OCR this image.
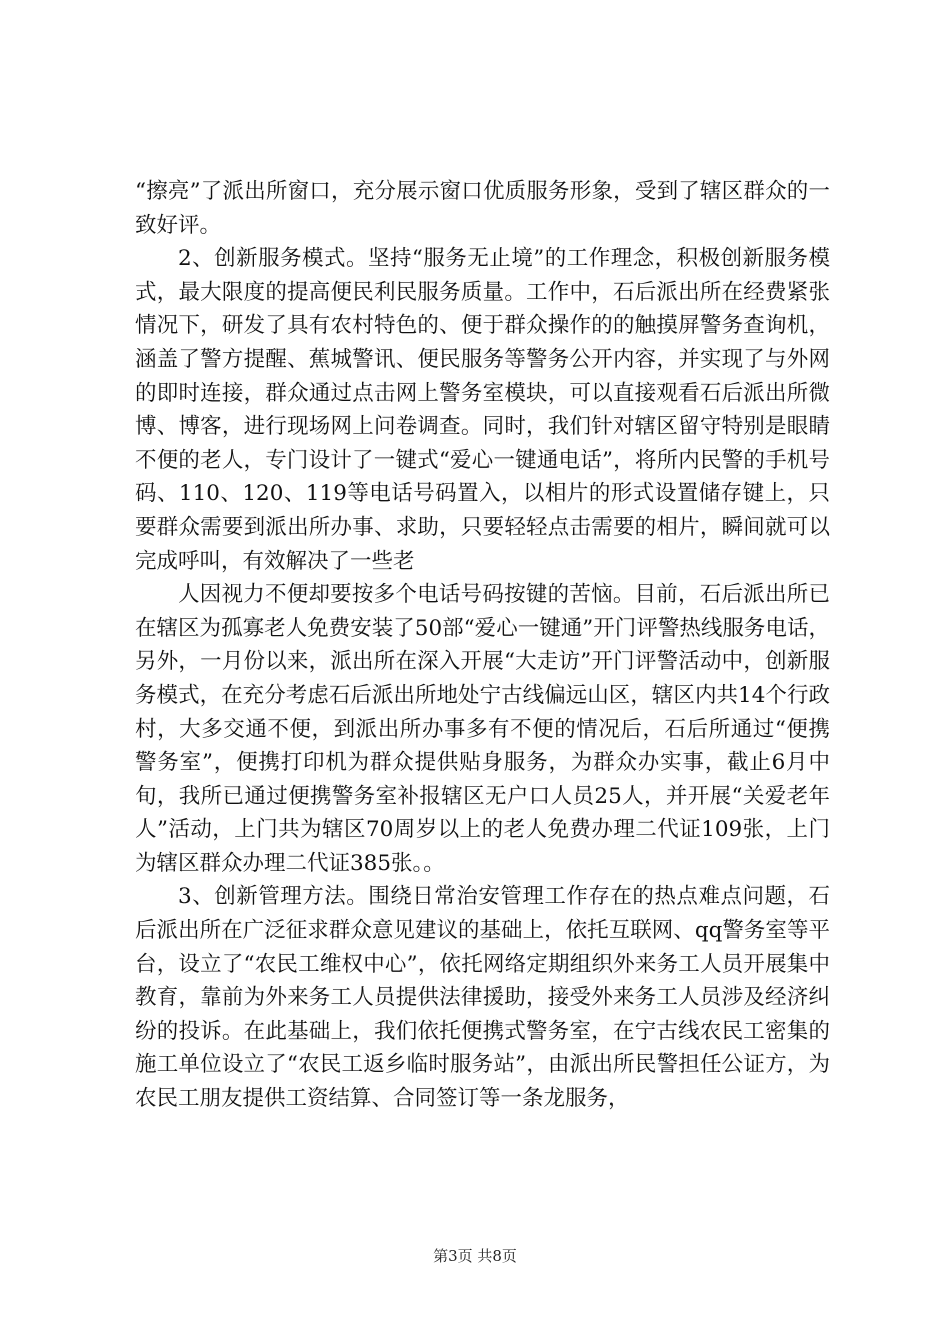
“擦亮”了派出所窗口，充分展示窗口优质服务形象，受到了辖区群众的一致好评。

2、创新服务模式。坚持“服务无止境”的工作理念，积极创新服务模式，最大限度的提高便民利民服务质量。工作中，石后派出所在经费紧张情况下，研发了具有农村特色的、便于群众操作的的触摸屏警务查询机，涵盖了警方提醒、蕉城警讯、便民服务等警务公开内容，并实现了与外网的即时连接，群众通过点击网上警务室模块，可以直接观看石后派出所微博、博客，进行现场网上问卷调查。同时，我们针对辖区留守特别是眼睛不便的老人，专门设计了一键式“爱心一键通电话”，将所内民警的手机号码、110、120、119等电话号码置入，以相片的形式设置储存键上，只要群众需要到派出所办事、求助，只要轻轻点击需要的相片，瞬间就可以完成呼叫，有效解决了一些老

人因视力不便却要按多个电话号码按键的苦恼。目前，石后派出所已在辖区为孤寡老人免费安装了50部“爱心一键通”开门评警热线服务电话，另外，一月份以来，派出所在深入开展“大走访”开门评警活动中，创新服务模式，在充分考虑石后派出所地处宁古线偏远山区，辖区内共14个行政村，大多交通不便，到派出所办事多有不便的情况后，石后所通过“便携警务室”，便携打印机为群众提供贴身服务，为群众办实事，截止6月中旬，我所已通过便携警务室补报辖区无户口人员25人，并开展“关爱老年人”活动，上门共为辖区70周岁以上的老人免费办理二代证109张，上门为辖区群众办理二代证385张。。

3、创新管理方法。围绕日常治安管理工作存在的热点难点问题，石后派出所在广泛征求群众意见建议的基础上，依托互联网、qq警务室等平台，设立了“农民工维权中心”，依托网络定期组织外来务工人员开展集中教育，靠前为外来务工人员提供法律援助，接受外来务工人员涉及经济纠纷的投诉。在此基础上，我们依托便携式警务室，在宁古线农民工密集的施工单位设立了“农民工返乡临时服务站”，由派出所民警担任公证方，为农民工朋友提供工资结算、合同签订等一条龙服务，

第3页 共8页
